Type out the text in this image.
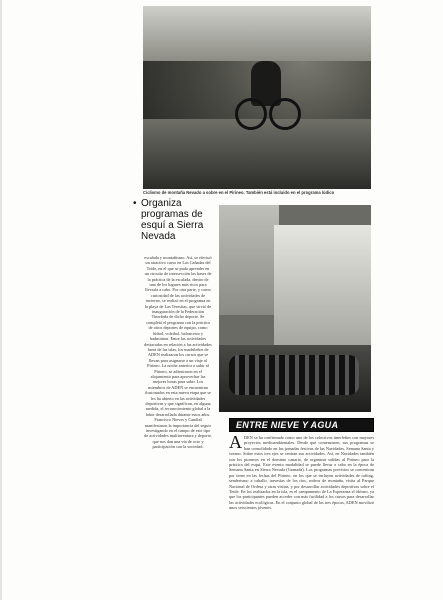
Ciclismo de montaña Nevado a sobre en el Pirineo. También está incluido en el programa lúdico
• Organiza programas de esquí a Sierra Nevada
escalada y montañismo. Así, se efectuó un atractivo curso en Las Cañadas del Teide, en el que se pudo aprender en un circuito de intersección las bases de la práctica de la escalada, dentro de uno de los lugares más ricos para llevarla a cabo. Por otra parte, y como curiosidad de las actividades de invierno, se realizó en el programa en la playa de Las Teresitas, que sirvió de inauguración de la Federación Tinerfeña de dicho deporte. Se completó el programa con la práctica de otros deportes de equipo, como fútbol, voleibol, baloncesto y badminton. Entre las actividades destacadas en relación a las actividades fuera de las islas, los madrileños de ADEN realizaron los cursos que se llevan para asignarse a un viaje al Pirineo. La noche anterior a subir al Pirineo, se adiestraron en el alojamiento para aprovechar las mejores horas para subir. Los miembros de ADEN se encuentran ilusionados en esta nueva etapa que se les ha abierto en las actividades deportivas y que significan, en alguna medida, el reconocimiento global a la labor desarrollada durante estos años. Francisco Nieves y Candial manifestaron la importancia del seguir investigando en el campo de este tipo de actividades multiaventura y deporte, que nos dan una vía de ocio y participación con la sociedad.
ENTRE NIEVE Y AGUA
A DEN se ha confirmado como uno de los colectivos tinerfeños con mayores proyectos medioambientales. Desde que comenzaron, sus programas se han consolidado en las jornadas festivas de las Navidades, Semana Santa y verano. Sobre estos tres ejes se centran sus actividades. Así, en Navidades también son los pioneros en el dominio canario, de organizar salidas al Pirineo para la práctica del esquí. Este evento modalidad se puede llevar a cabo en la época de Semana Santa en Sierra Nevada (Granada). Los programas previstos se concentran por tener en las fechas del Pirineo, en los que se incluyen actividades de rafting, senderismo a caballo, travesías de los ríos, rodeos de montaña, visita al Parque Nacional de Ordesa y otras visitas, y por desarrollar actividades deportivas sobre el Teide. En los realizados en la isla, es el campamento de La Esperanza el idóneo, ya que los participantes pueden acceder con más facilidad a los cursos para desarrollar las actividades ecológicas. En el conjunto global de las tres épocas, ADEN movilizó unos seiscientos jóvenes.
